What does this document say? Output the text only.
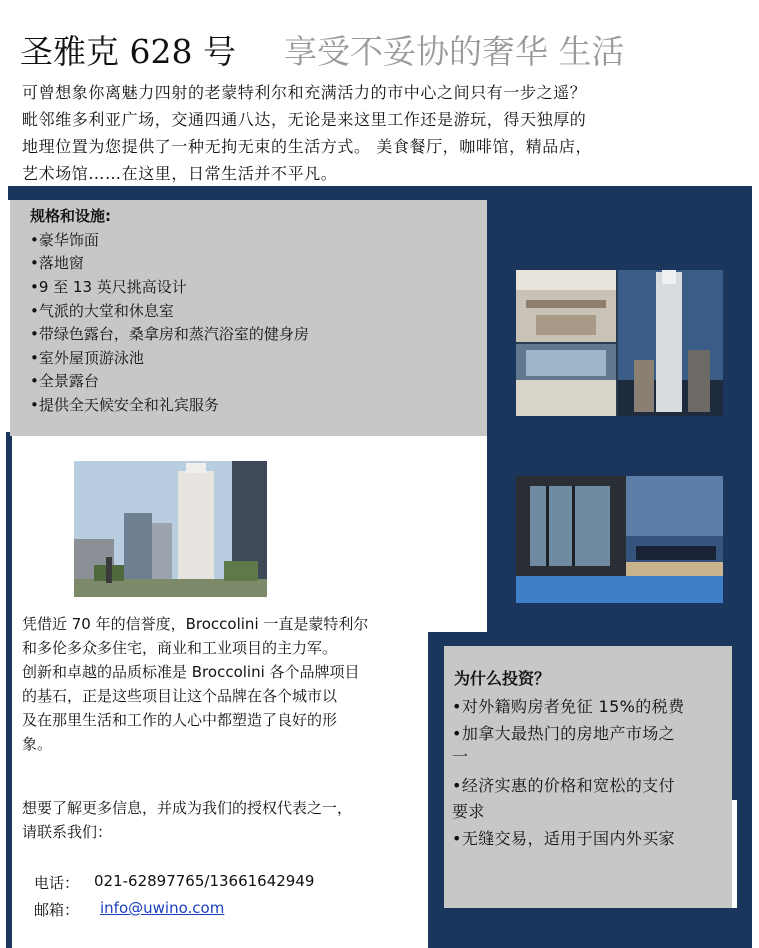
圣雅克 628 号 享受不妥协的奢华 生活
可曾想象你离魅力四射的老蒙特利尔和充满活力的市中心之间只有一步之遥？
毗邻维多利亚广场，交通四通八达，无论是来这里工作还是游玩，得天独厚的
地理位置为您提供了一种无拘无束的生活方式。 美食餐厅，咖啡馆，精品店，
艺术场馆……在这里，日常生活并不平凡。
规格和设施:
•豪华饰面
•落地窗
•9 至 13 英尺挑高设计
•气派的大堂和休息室
•带绿色露台，桑拿房和蒸汽浴室的健身房
•室外屋顶游泳池
•全景露台
•提供全天候安全和礼宾服务
凭借近 70 年的信誉度，Broccolini 一直是蒙特利尔
和多伦多众多住宅，商业和工业项目的主力军。
创新和卓越的品质标准是 Broccolini 各个品牌项目
的基石，正是这些项目让这个品牌在各个城市以
及在那里生活和工作的人心中都塑造了良好的形
象。
想要了解更多信息，并成为我们的授权代表之一，
请联系我们：
电话： 021-62897765/13661642949
邮箱： info@uwino.com
为什么投资？
•对外籍购房者免征 15%的税费
•加拿大最热门的房地产市场之
一
•经济实惠的价格和宽松的支付
要求
•无缝交易，适用于国内外买家
